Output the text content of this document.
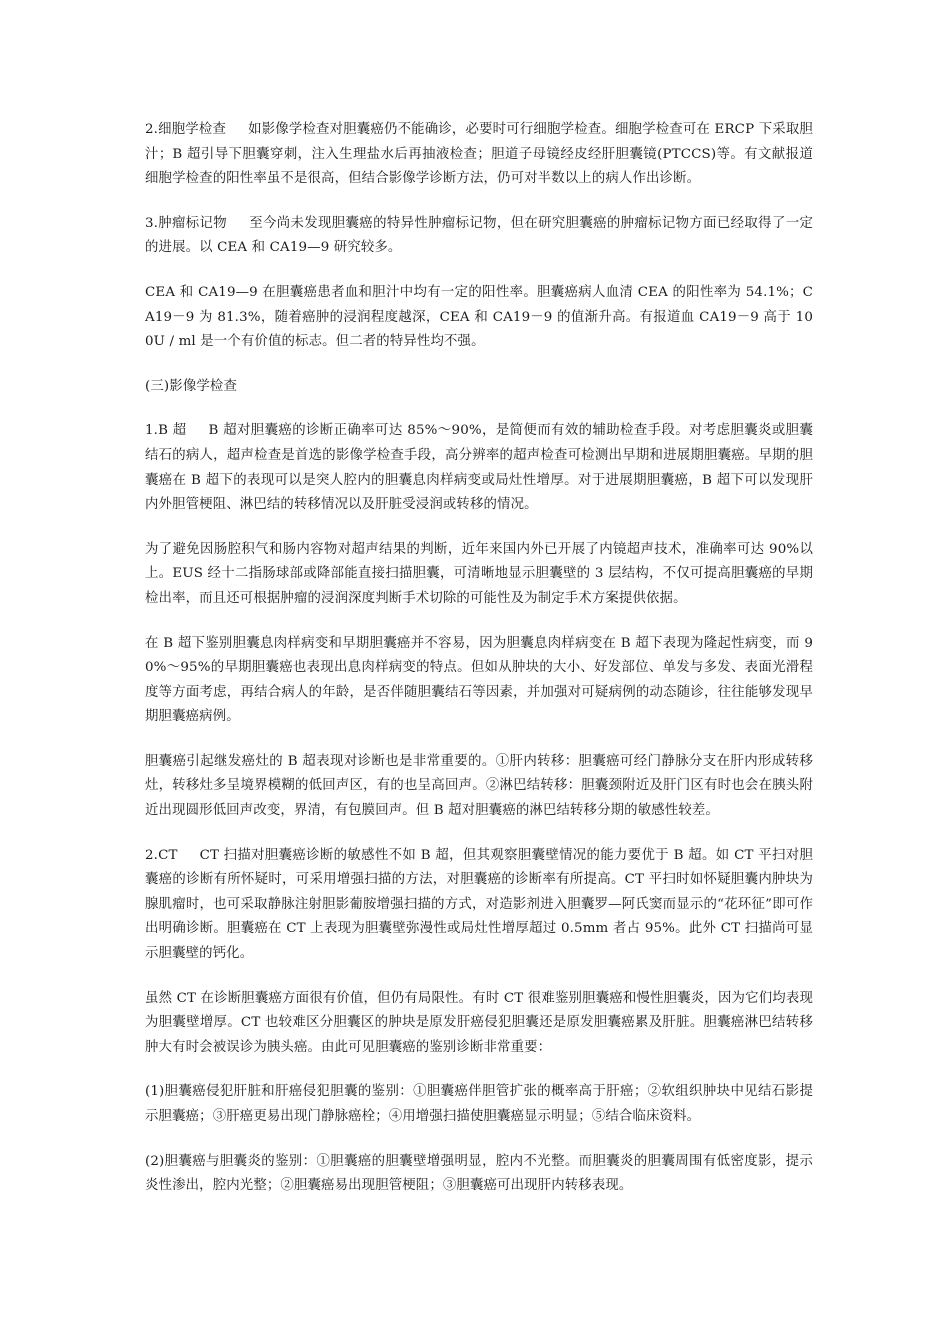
2.细胞学检查 如影像学检查对胆囊癌仍不能确诊，必要时可行细胞学检查。细胞学检查可在 ERCP 下采取胆汁；B 超引导下胆囊穿刺，注入生理盐水后再抽液检查；胆道子母镜经皮经肝胆囊镜(PTCCS)等。有文献报道细胞学检查的阳性率虽不是很高，但结合影像学诊断方法，仍可对半数以上的病人作出诊断。

3.肿瘤标记物 至今尚未发现胆囊癌的特异性肿瘤标记物，但在研究胆囊癌的肿瘤标记物方面已经取得了一定的进展。以 CEA 和 CA19—9 研究较多。

CEA 和 CA19—9 在胆囊癌患者血和胆汁中均有一定的阳性率。胆囊癌病人血清 CEA 的阳性率为 54.1%；CA19－9 为 81.3%，随着癌肿的浸润程度越深，CEA 和 CA19－9 的值渐升高。有报道血 CA19－9 高于 100U / ml 是一个有价值的标志。但二者的特异性均不强。

(三)影像学检查

1.B 超 B 超对胆囊癌的诊断正确率可达 85%～90%，是简便而有效的辅助检查手段。对考虑胆囊炎或胆囊结石的病人，超声检查是首选的影像学检查手段，高分辨率的超声检查可检测出早期和进展期胆囊癌。早期的胆囊癌在 B 超下的表现可以是突人腔内的胆囊息肉样病变或局灶性增厚。对于进展期胆囊癌，B 超下可以发现肝内外胆管梗阻、淋巴结的转移情况以及肝脏受浸润或转移的情况。

为了避免因肠腔积气和肠内容物对超声结果的判断，近年来国内外已开展了内镜超声技术，准确率可达 90%以上。EUS 经十二指肠球部或降部能直接扫描胆囊，可清晰地显示胆囊壁的 3 层结构，不仅可提高胆囊癌的早期检出率，而且还可根据肿瘤的浸润深度判断手术切除的可能性及为制定手术方案提供依据。

在 B 超下鉴别胆囊息肉样病变和早期胆囊癌并不容易，因为胆囊息肉样病变在 B 超下表现为隆起性病变，而 90%～95%的早期胆囊癌也表现出息肉样病变的特点。但如从肿块的大小、好发部位、单发与多发、表面光滑程度等方面考虑，再结合病人的年龄，是否伴随胆囊结石等因素，并加强对可疑病例的动态随诊，往往能够发现早期胆囊癌病例。

胆囊癌引起继发癌灶的 B 超表现对诊断也是非常重要的。①肝内转移：胆囊癌可经门静脉分支在肝内形成转移灶，转移灶多呈境界模糊的低回声区，有的也呈高回声。②淋巴结转移：胆囊颈附近及肝门区有时也会在胰头附近出现圆形低回声改变，界清，有包膜回声。但 B 超对胆囊癌的淋巴结转移分期的敏感性较差。

2.CT CT 扫描对胆囊癌诊断的敏感性不如 B 超，但其观察胆囊壁情况的能力要优于 B 超。如 CT 平扫对胆囊癌的诊断有所怀疑时，可采用增强扫描的方法，对胆囊癌的诊断率有所提高。CT 平扫时如怀疑胆囊内肿块为腺肌瘤时，也可采取静脉注射胆影葡胺增强扫描的方式，对造影剂进入胆囊罗—阿氏窦而显示的“花环征”即可作出明确诊断。胆囊癌在 CT 上表现为胆囊壁弥漫性或局灶性增厚超过 0.5mm 者占 95%。此外 CT 扫描尚可显示胆囊壁的钙化。

虽然 CT 在诊断胆囊癌方面很有价值，但仍有局限性。有时 CT 很难鉴别胆囊癌和慢性胆囊炎，因为它们均表现为胆囊壁增厚。CT 也较难区分胆囊区的肿块是原发肝癌侵犯胆囊还是原发胆囊癌累及肝脏。胆囊癌淋巴结转移肿大有时会被误诊为胰头癌。由此可见胆囊癌的鉴别诊断非常重要：

(1)胆囊癌侵犯肝脏和肝癌侵犯胆囊的鉴别：①胆囊癌伴胆管扩张的概率高于肝癌；②软组织肿块中见结石影提示胆囊癌；③肝癌更易出现门静脉癌栓；④用增强扫描使胆囊癌显示明显；⑤结合临床资料。

(2)胆囊癌与胆囊炎的鉴别：①胆囊癌的胆囊壁增强明显，腔内不光整。而胆囊炎的胆囊周围有低密度影，提示炎性渗出，腔内光整；②胆囊癌易出现胆管梗阻；③胆囊癌可出现肝内转移表现。
